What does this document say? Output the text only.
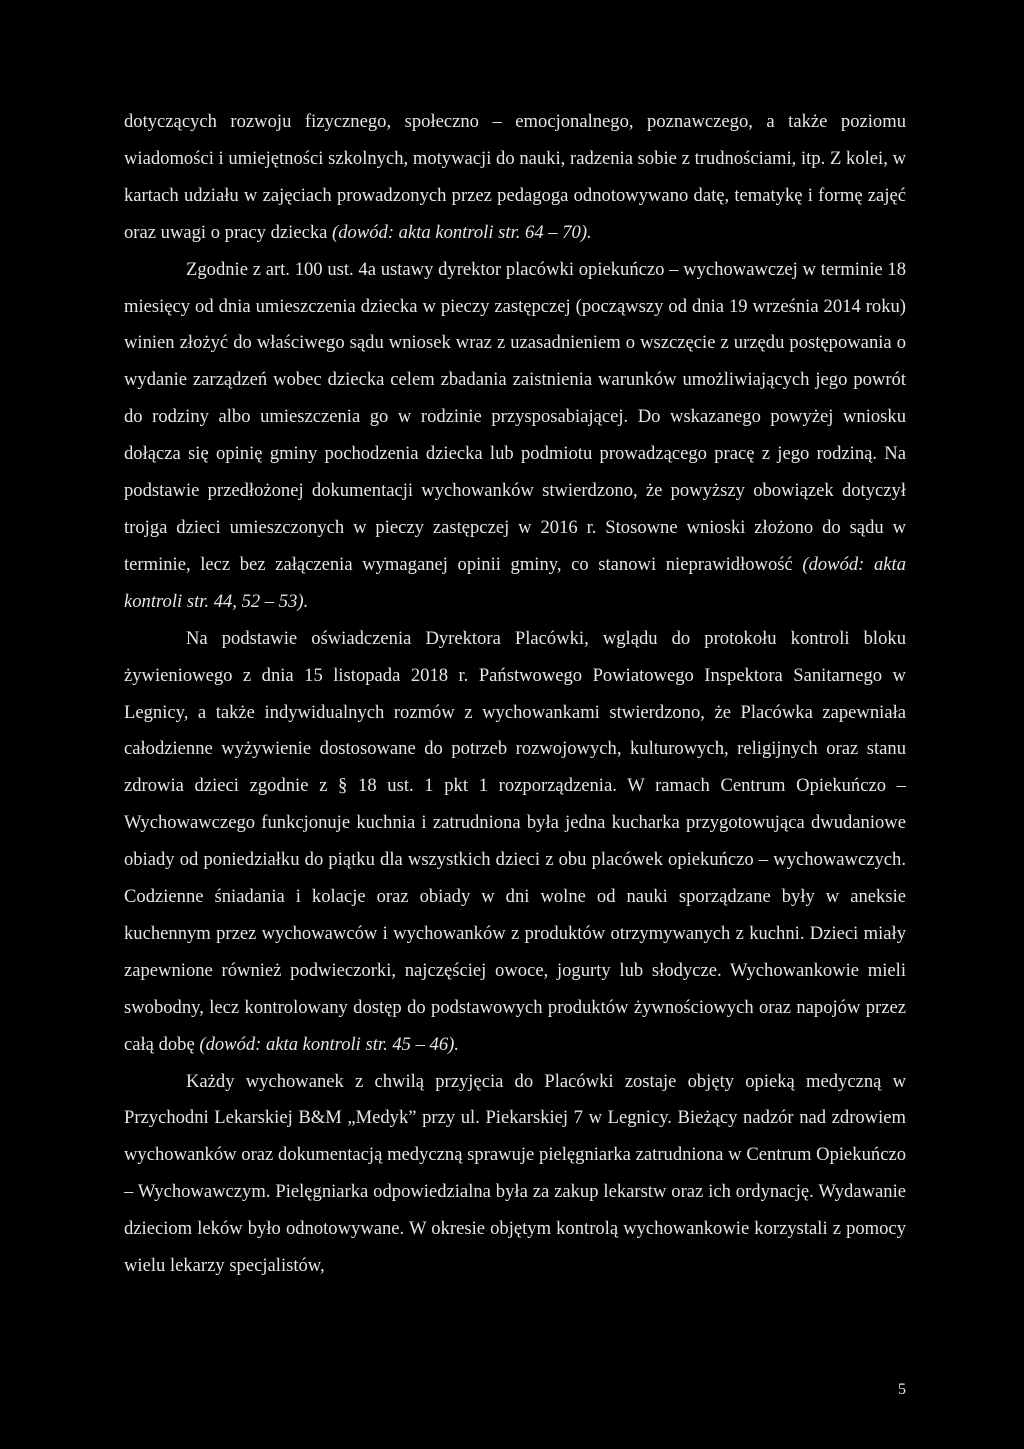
dotyczących rozwoju fizycznego, społeczno – emocjonalnego, poznawczego, a także poziomu wiadomości i umiejętności szkolnych, motywacji do nauki, radzenia sobie z trudnościami, itp. Z kolei, w kartach udziału w zajęciach prowadzonych przez pedagoga odnotowywano datę, tematykę i formę zajęć oraz uwagi o pracy dziecka (dowód: akta kontroli str. 64 – 70).

Zgodnie z art. 100 ust. 4a ustawy dyrektor placówki opiekuńczo – wychowawczej w terminie 18 miesięcy od dnia umieszczenia dziecka w pieczy zastępczej (począwszy od dnia 19 września 2014 roku) winien złożyć do właściwego sądu wniosek wraz z uzasadnieniem o wszczęcie z urzędu postępowania o wydanie zarządzeń wobec dziecka celem zbadania zaistnienia warunków umożliwiających jego powrót do rodziny albo umieszczenia go w rodzinie przysposabiającej. Do wskazanego powyżej wniosku dołącza się opinię gminy pochodzenia dziecka lub podmiotu prowadzącego pracę z jego rodziną. Na podstawie przedłożonej dokumentacji wychowanków stwierdzono, że powyższy obowiązek dotyczył trojga dzieci umieszczonych w pieczy zastępczej w 2016 r. Stosowne wnioski złożono do sądu w terminie, lecz bez załączenia wymaganej opinii gminy, co stanowi nieprawidłowość (dowód: akta kontroli str. 44, 52 – 53).

Na podstawie oświadczenia Dyrektora Placówki, wglądu do protokołu kontroli bloku żywieniowego z dnia 15 listopada 2018 r. Państwowego Powiatowego Inspektora Sanitarnego w Legnicy, a także indywidualnych rozmów z wychowankami stwierdzono, że Placówka zapewniała całodzienne wyżywienie dostosowane do potrzeb rozwojowych, kulturowych, religijnych oraz stanu zdrowia dzieci zgodnie z § 18 ust. 1 pkt 1 rozporządzenia. W ramach Centrum Opiekuńczo – Wychowawczego funkcjonuje kuchnia i zatrudniona była jedna kucharka przygotowująca dwudaniowe obiady od poniedziałku do piątku dla wszystkich dzieci z obu placówek opiekuńczo – wychowawczych. Codzienne śniadania i kolacje oraz obiady w dni wolne od nauki sporządzane były w aneksie kuchennym przez wychowawców i wychowanków z produktów otrzymywanych z kuchni. Dzieci miały zapewnione również podwieczorki, najczęściej owoce, jogurty lub słodycze. Wychowankowie mieli swobodny, lecz kontrolowany dostęp do podstawowych produktów żywnościowych oraz napojów przez całą dobę (dowód: akta kontroli str. 45 – 46).

Każdy wychowanek z chwilą przyjęcia do Placówki zostaje objęty opieką medyczną w Przychodni Lekarskiej B&M „Medyk” przy ul. Piekarskiej 7 w Legnicy. Bieżący nadzór nad zdrowiem wychowanków oraz dokumentacją medyczną sprawuje pielęgniarka zatrudniona w Centrum Opiekuńczo – Wychowawczym. Pielęgniarka odpowiedzialna była za zakup lekarstw oraz ich ordynację. Wydawanie dzieciom leków było odnotowywane. W okresie objętym kontrolą wychowankowie korzystali z pomocy wielu lekarzy specjalistów,

5
